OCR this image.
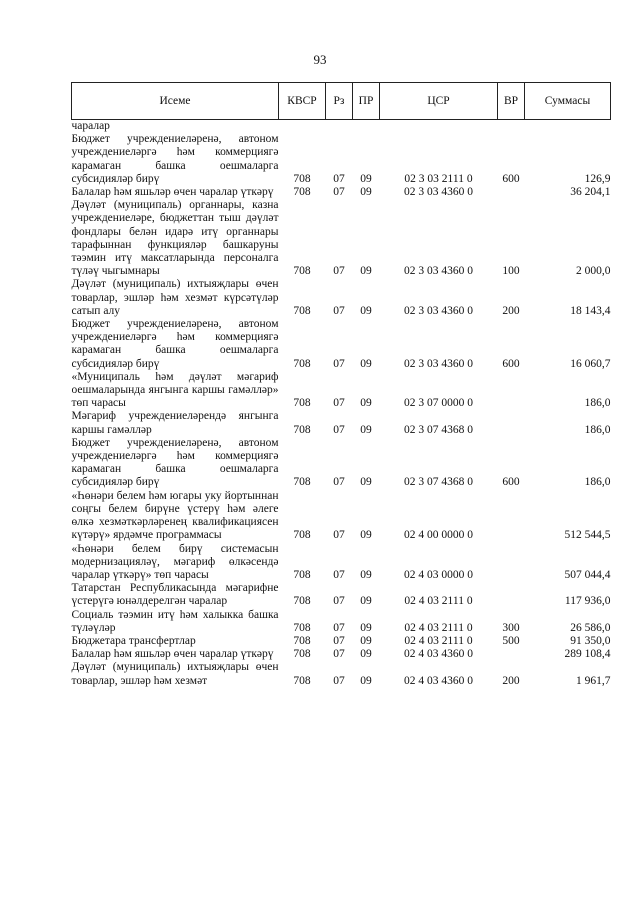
93
Исеме	КВСР	Рз	ПР	ЦСР	ВР	Суммасы
чаралар						
Бюджет учреждениеләренә, автоном учреждениеләргә һәм коммерциягә карамаган башка оешмаларга субсидияләр бирү	708	07	09	02 3 03 2111 0	600	126,9
Балалар һәм яшьләр өчен чаралар үткәрү	708	07	09	02 3 03 4360 0		36 204,1
Дәүләт (муниципаль) органнары, казна учреждениеләре, бюджеттан тыш дәүләт фондлары белән идарә итү органнары тарафыннан функцияләр башкаруны тәэмин итү максатларында персоналга түләү чыгымнары	708	07	09	02 3 03 4360 0	100	2 000,0
Дәүләт (муниципаль) ихтыяҗлары өчен товарлар, эшләр һәм хезмәт күрсәтүләр сатып алу	708	07	09	02 3 03 4360 0	200	18 143,4
Бюджет учреждениеләренә, автоном учреждениеләргә һәм коммерциягә карамаган башка оешмаларга субсидияләр бирү	708	07	09	02 3 03 4360 0	600	16 060,7
«Муниципаль һәм дәүләт мәгариф оешмаларында янгынга каршы гамәлләр» төп чарасы	708	07	09	02 3 07 0000 0		186,0
Мәгариф учреждениеләрендә янгынга каршы гамәлләр	708	07	09	02 3 07 4368 0		186,0
Бюджет учреждениеләренә, автоном учреждениеләргә һәм коммерциягә карамаган башка оешмаларга субсидияләр бирү	708	07	09	02 3 07 4368 0	600	186,0
«Һөнәри белем һәм югары уку йортыннан соңгы белем бирүне үстерү һәм әлеге өлкә хезмәткәрләренең квалификациясен күтәрү» ярдәмче программасы	708	07	09	02 4 00 0000 0		512 544,5
«Һөнәри белем бирү системасын модернизацияләү, мәгариф өлкәсендә чаралар үткәрү» төп чарасы	708	07	09	02 4 03 0000 0		507 044,4
Татарстан Республикасында мәгарифне үстерүгә юнәлдерелгән чаралар	708	07	09	02 4 03 2111 0		117 936,0
Социаль тәэмин итү һәм халыкка башка түләүләр	708	07	09	02 4 03 2111 0	300	26 586,0
Бюджетара трансфертлар	708	07	09	02 4 03 2111 0	500	91 350,0
Балалар һәм яшьләр өчен чаралар үткәрү	708	07	09	02 4 03 4360 0		289 108,4
Дәүләт (муниципаль) ихтыяҗлары өчен товарлар, эшләр һәм хезмәт	708	07	09	02 4 03 4360 0	200	1 961,7
